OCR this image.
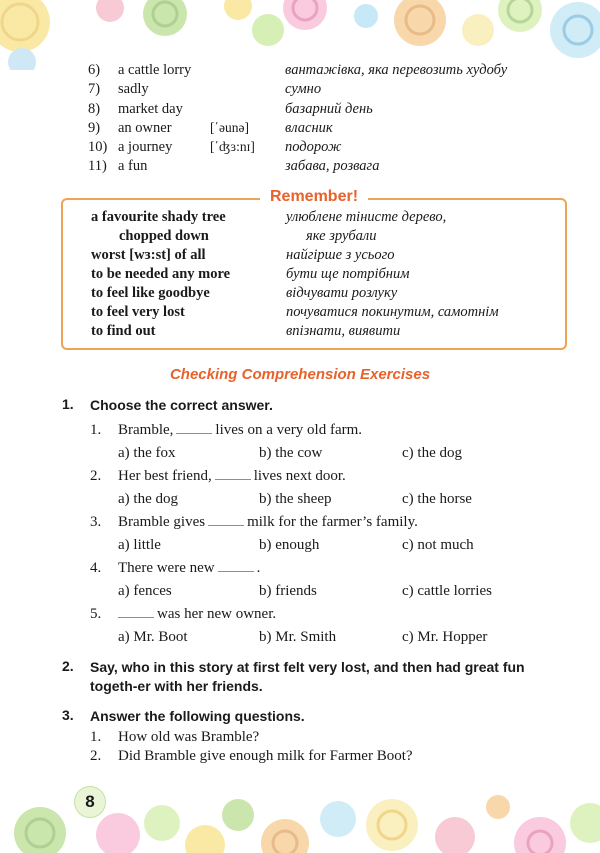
6) a cattle lorry	вантажівка, яка перевозить худобу
7) sadly	сумно
8) market day	базарний день
9) an owner	[΄əunə] власник
10) a journey	[΄ʤɜ:nɪ] подорож
11) a fun	забава, розвага
Remember!
a favourite shady tree	улюблене тінисте дерево,
chopped down	яке зрубали
worst [wɜ:st] of all	найгірше з усього
to be needed any more	бути ще потрібним
to feel like goodbye	відчувати розлуку
to feel very lost	почуватися покинутим, самотнім
to find out	впізнати, виявити
Checking Comprehension Exercises
1. Choose the correct answer.
1. Bramble,	lives on a very old farm.
a) the fox	b) the cow	c) the dog
2. Her best friend,	lives next door.
a) the dog	b) the sheep	c) the horse
3. Bramble gives	milk for the farmer’s family.
a) little	b) enough	c) not much
4. There were new	.
a) fences	b) friends	c) cattle lorries
5.	was her new owner.
a) Mr. Boot	b) Mr. Smith	c) Mr. Hopper
2. Say, who in this story at first felt very lost, and then had great fun togeth-er with her friends.
3. Answer the following questions.
1. How old was Bramble?
2. Did Bramble give enough milk for Farmer Boot?
8
